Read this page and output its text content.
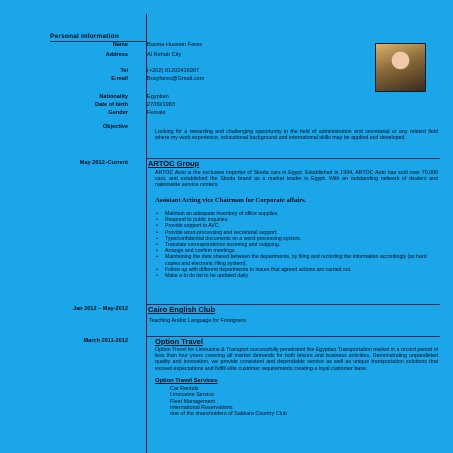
Personal information
Name	Basma Hussein Fares
Address	Al Rehab City
Tel	(+202) 01202416997
E-mail	Bosyfares@Gmail.com
Nationality	Egyptian
Date of birth	27/09/1983
Gender	Female
Objective
Looking for a rewarding and challenging opportunity in the field of administration and secretarial or any related field where my work experience, educational background and international skills may be applied and developed.
May 2012–Current	ARTOC Group
ARTOC Auto is the exclusive importer of Skoda cars in Egypt. Established in 1994, ARTOC Auto has sold over 70,000 cars, and established the Skoda brand as a market leader in Egypt. With an outstanding network of dealers and nationwide service centers.
Assistant Acting vice Chairman for Corporate affairs.
• Maintain an adequate inventory of office supplies.
• Respond to public inquiries.
• Provide support to AVC.
• Provide word-processing and secretarial support.
• Type/confidential documents on a word-processing system.
• Translate correspondence incoming and outgoing.
• Arrange and confirm meetings.
• Maintaining the date shared between the departments, by filing and recording the information accordingly (as hard copies and electronic filing system).
• Follow up with different departments to insure that agreed actions are carried out.
• Make a to do list to be updated daily
Jan 2012 – May-2012	Cairo English Club
Teaching Arabic Language for Foreigners
March 2011-2012	Option Travel
Option Travel for Limousine & Transport successfully penetrated the Egyptian Transportation market in a record period of less than four years covering all market demands for both leisure and business activities. Demonstrating unparalleled quality and innovation, we provide consistent and dependable service as well as unique transportation solutions that exceed expectations and fulfill elite customer requirements creating a loyal customer base.
Option Travel Services
Car Rentals
Limousine Service
Fleet Management
International Reservations
one of the shareholders of Sakkara Country Club
